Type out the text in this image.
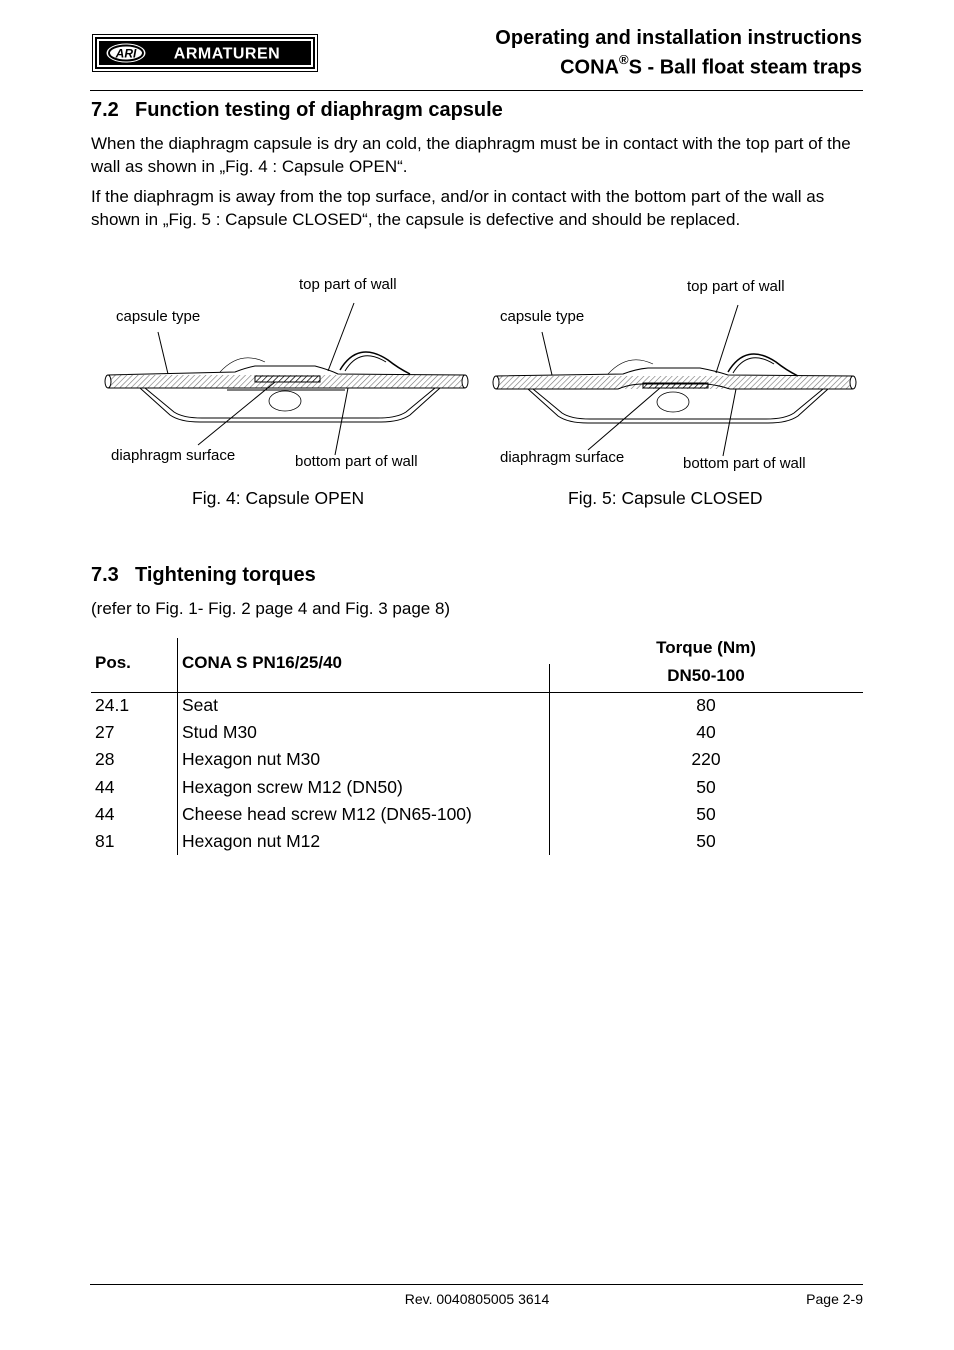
ARI ARMATUREN
Operating and installation instructions
CONA®S - Ball float steam traps
7.2 Function testing of diaphragm capsule
When the diaphragm capsule is dry an cold, the diaphragm must be in contact with the top part of the wall as shown in „Fig. 4 : Capsule OPEN“.
If the diaphragm is away from the top surface, and/or in contact with the bottom part of the wall as shown in „Fig. 5 : Capsule CLOSED“, the capsule is defective and should be replaced.
top part of wall
capsule type
diaphragm surface	bottom part of wall
Fig. 4: Capsule OPEN
top part of wall
capsule type
diaphragm surface	bottom part of wall
Fig. 5: Capsule CLOSED
7.3 Tightening torques
(refer to Fig. 1- Fig. 2 page 4 and Fig. 3 page 8)
Pos.	CONA S PN16/25/40
Torque (Nm)
DN50-100
24.1	Seat	80
27	Stud M30	40
28	Hexagon nut M30	220
44	Hexagon screw M12 (DN50)	50
44	Cheese head screw M12 (DN65-100)	50
81	Hexagon nut M12	50
Rev. 0040805005 3614	Page 2-9
